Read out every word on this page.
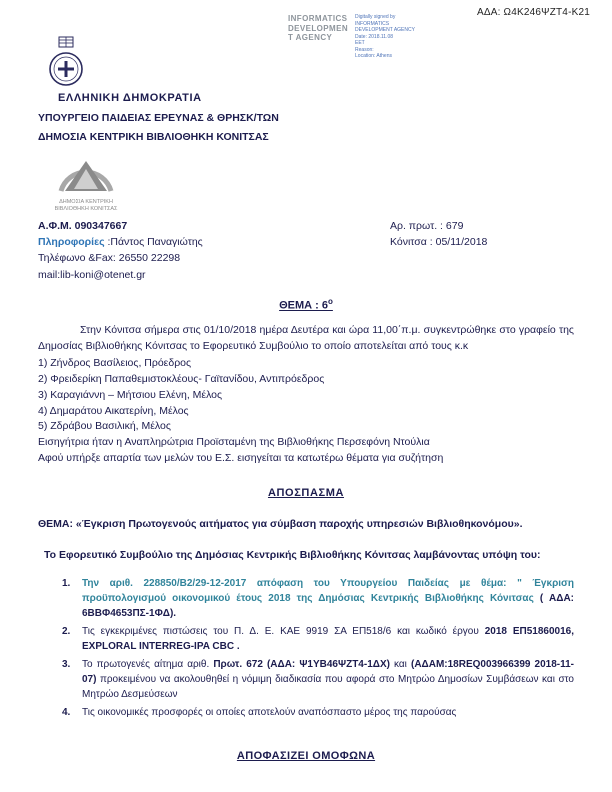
ΑΔΑ: Ω4Κ246ΨΖΤ4-Κ21
INFORMATICS
DEVELOPMEN
T AGENCY
Digitally signed by
INFORMATICS
DEVELOPMENT AGENCY
Date: 2018.11.08
EET
Reason:
Location: Athens
ΕΛΛΗΝΙΚΗ ΔΗΜΟΚΡΑΤΙΑ
ΥΠΟΥΡΓΕΙΟ ΠΑΙΔΕΙΑΣ ΕΡΕΥΝΑΣ & ΘΡΗΣΚ/ΤΩΝ
ΔΗΜΟΣΙΑ ΚΕΝΤΡΙΚΗ ΒΙΒΛΙΟΘΗΚΗ ΚΟΝΙΤΣΑΣ
ΔΗΜΟΣΙΑ ΚΕΝΤΡΙΚΗ
ΒΙΒΛΙΟΘΗΚΗ ΚΟΝΙΤΣΑΣ
Α.Φ.Μ. 090347667	Αρ. πρωτ. : 679
Πληροφορίες :Πάντος Παναγιώτης	Κόνιτσα : 05/11/2018
Τηλέφωνο &Fax: 26550 22298
mail:lib-koni@otenet.gr
ΘΕΜΑ : $6^o$

Στην Κόνιτσα σήμερα στις 01/10/2018 ημέρα Δευτέρα και ώρα 11,00΄π.μ. συγκεντρώθηκε στο γραφείο της Δημοσίας Βιβλιοθήκης Κόνιτσας το Εφορευτικό Συμβούλιο το οποίο αποτελείται από τους κ.κ

1) Ζήνδρος Βασίλειος, Πρόεδρος
2) Φρειδερίκη Παπαθεμιστοκλέους- Γαϊτανίδου, Αντιπρόεδρος
3) Καραγιάννη – Μήτσιου Ελένη, Μέλος
4) Δημαράτου Αικατερίνη, Μέλος
5) Ζδράβου Βασιλική, Μέλος
Εισηγήτρια ήταν η Αναπληρώτρια Προϊσταμένη της Βιβλιοθήκης Περσεφόνη Ντούλια
Αφού υπήρξε απαρτία των μελών του Ε.Σ. εισηγείται τα κατωτέρω θέματα για συζήτηση
ΑΠΟΣΠΑΣΜΑ

ΘΕΜΑ: «Έγκριση Πρωτογενούς αιτήματος για σύμβαση παροχής υπηρεσιών Βιβλιοθηκονόμου».

Το Εφορευτικό Συμβούλιο της Δημόσιας Κεντρικής Βιβλιοθήκης Κόνιτσας λαμβάνοντας υπόψη του:

1.	Την αριθ. 228850/Β2/29-12-2017 απόφαση του Υπουργείου Παιδείας με θέμα: " Έγκριση προϋπολογισμού οικονομικού έτους 2018 της Δημόσιας Κεντρικής Βιβλιοθήκης Κόνιτσας ( ΑΔΑ: 6ΒΒΦ4653ΠΣ-1ΦΔ).
2.	Τις εγκεκριμένες πιστώσεις του Π. Δ. Ε. ΚΑΕ 9919 ΣΑ ΕΠ518/6 και κωδικό έργου 2018 ΕΠ51860016, EXPLORAL INTERREG-IPA CBC .
3.	Το πρωτογενές αίτημα αριθ. Πρωτ. 672 (ΑΔΑ: Ψ1ΥΒ46ΨΖΤ4-1ΔΧ) και (ΑΔΑΜ:18REQ003966399 2018-11-07) προκειμένου να ακολουθηθεί η νόμιμη διαδικασία που αφορά στο Μητρώο Δημοσίων Συμβάσεων και στο Μητρώο Δεσμεύσεων
4.	Τις οικονομικές προσφορές οι οποίες αποτελούν αναπόσπαστο μέρος της παρούσας
ΑΠΟΦΑΣΙΖΕΙ ΟΜΟΦΩΝΑ
